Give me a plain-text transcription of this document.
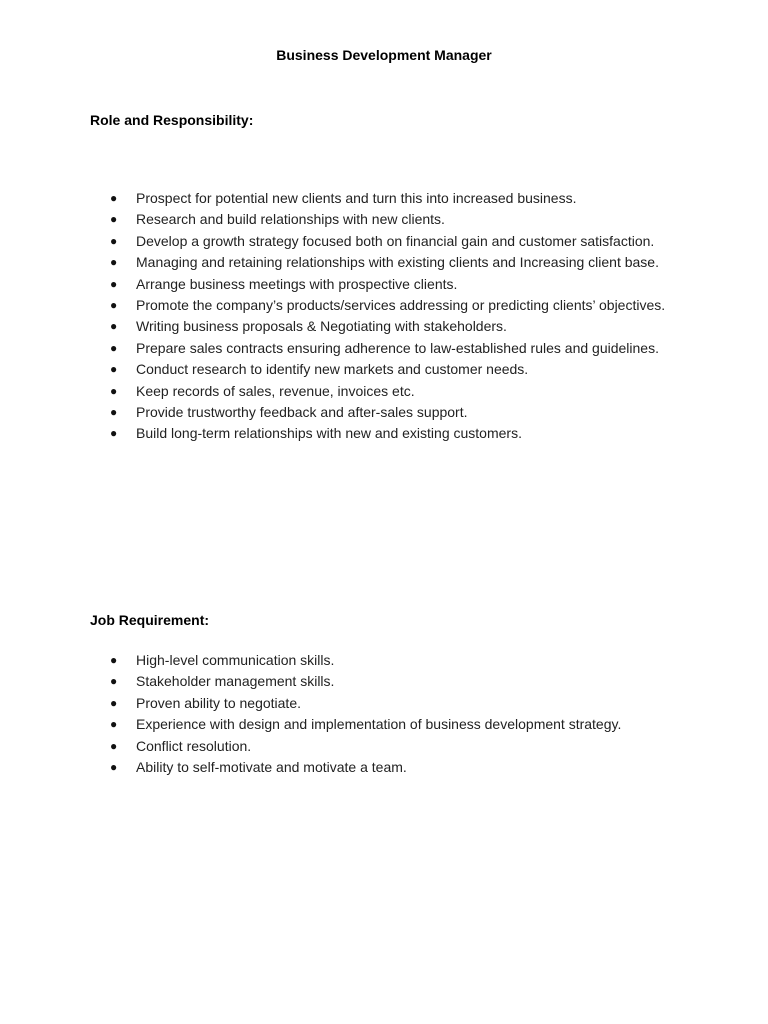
Business Development Manager
Role and Responsibility:
● Prospect for potential new clients and turn this into increased business.
● Research and build relationships with new clients.
● Develop a growth strategy focused both on financial gain and customer satisfaction.
● Managing and retaining relationships with existing clients and Increasing client base.
● Arrange business meetings with prospective clients.
● Promote the company’s products/services addressing or predicting clients’ objectives.
● Writing business proposals & Negotiating with stakeholders.
● Prepare sales contracts ensuring adherence to law-established rules and guidelines.
● Conduct research to identify new markets and customer needs.
● Keep records of sales, revenue, invoices etc.
● Provide trustworthy feedback and after-sales support.
● Build long-term relationships with new and existing customers.
Job Requirement:
● High-level communication skills.
● Stakeholder management skills.
● Proven ability to negotiate.
● Experience with design and implementation of business development strategy.
● Conflict resolution.
● Ability to self-motivate and motivate a team.
